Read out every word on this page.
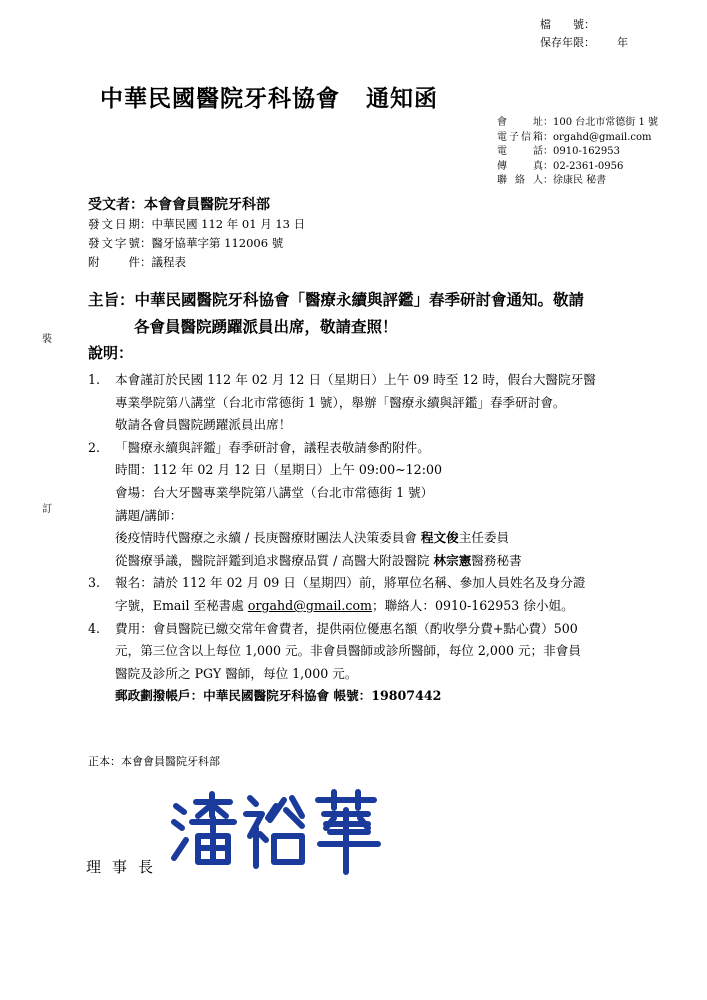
檔　　號：
保存年限： 年
中華民國醫院牙科協會 通知函
會　　址：100 台北市常德街 1 號
電子信箱：orgahd@gmail.com
電　　話：0910-162953
傳　　真：02-2361-0956
聯 絡 人：徐康民 秘書
受文者：本會會員醫院牙科部
發文日期：中華民國 112 年 01 月 13 日
發文字號：醫牙協華字第 112006 號
附　　件：議程表
主旨：中華民國醫院牙科協會「醫療永續與評鑑」春季研討會通知。敬請
各會員醫院踴躍派員出席，敬請查照！
說明：
1. 本會謹訂於民國 112 年 02 月 12 日（星期日）上午 09 時至 12 時，假台大醫院牙醫
專業學院第八講堂（台北市常德街 1 號），舉辦「醫療永續與評鑑」春季研討會。
敬請各會員醫院踴躍派員出席！
2. 「醫療永續與評鑑」春季研討會，議程表敬請參酌附件。
時間：112 年 02 月 12 日（星期日）上午 09:00~12:00
會場：台大牙醫專業學院第八講堂（台北市常德街 1 號）
講題/講師：
後疫情時代醫療之永續 / 長庚醫療財團法人決策委員會 程文俊主任委員
從醫療爭議，醫院評鑑到追求醫療品質 / 高醫大附設醫院 林宗憲醫務秘書
3. 報名：請於 112 年 02 月 09 日（星期四）前，將單位名稱、參加人員姓名及身分證
字號，Email 至秘書處 orgahd@gmail.com；聯絡人：0910-162953 徐小姐。
4. 費用：會員醫院已繳交常年會費者，提供兩位優惠名額（酌收學分費+點心費）500
元，第三位含以上每位 1,000 元。非會員醫師或診所醫師，每位 2,000 元；非會員
醫院及診所之 PGY 醫師，每位 1,000 元。
郵政劃撥帳戶：中華民國醫院牙科協會 帳號：19807442
正本：本會會員醫院牙科部
理事長
裝
訂
